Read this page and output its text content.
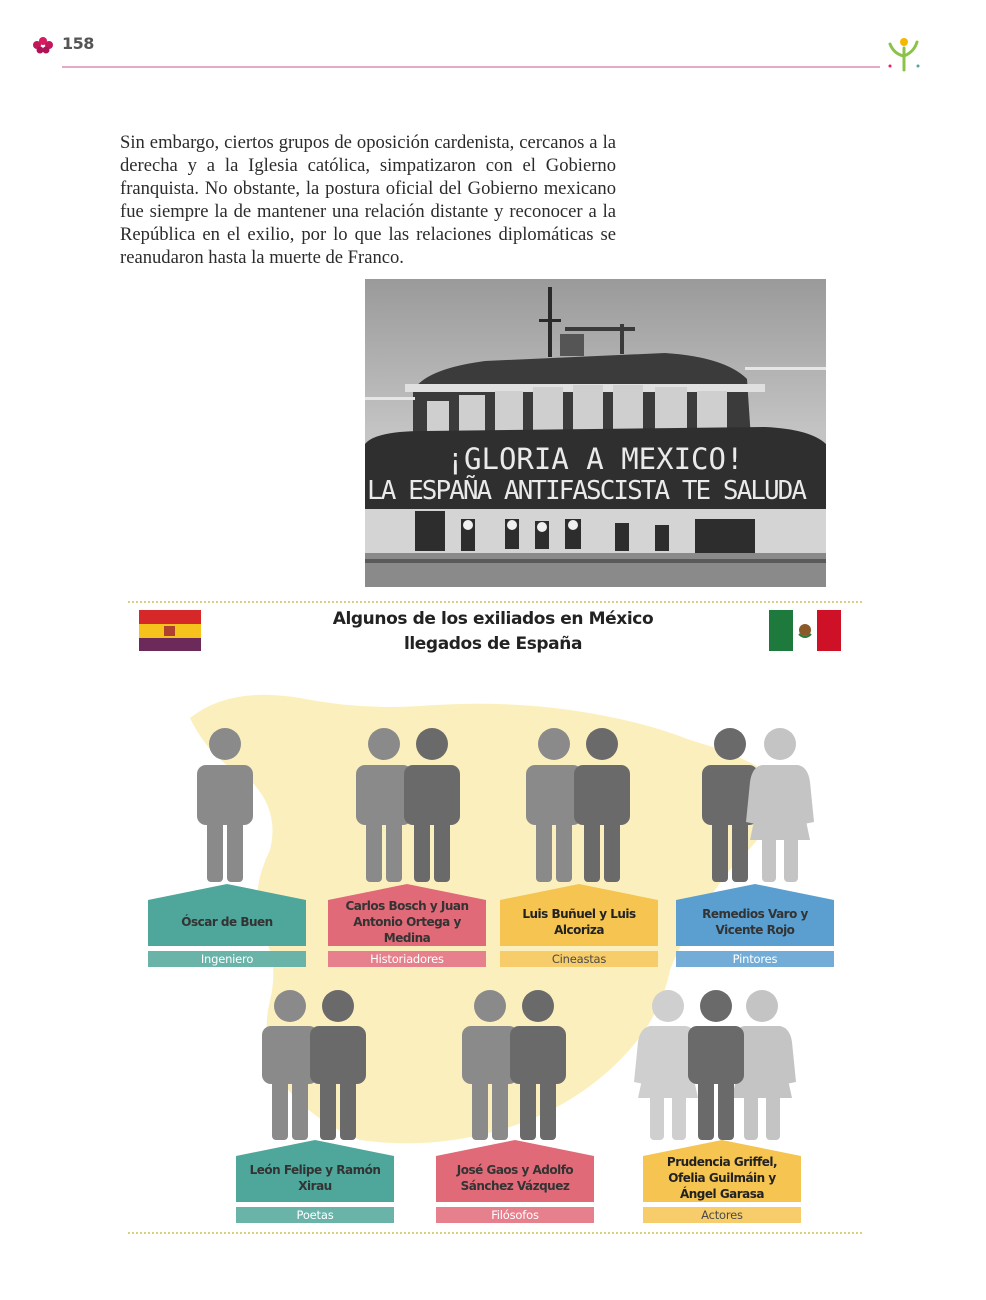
158

Sin embargo, ciertos grupos de oposición cardenista, cercanos a la derecha y a la Iglesia católica, simpatizaron con el Gobierno franquista. No obstante, la postura oficial del Gobierno mexicano fue siempre la de mantener una relación distante y reconocer a la República en el exilio, por lo que las relaciones diplomáticas se reanudaron hasta la muerte de Franco.

¡GLORIA A MEXICO!
LA ESPAÑA ANTIFASCISTA TE SALUDA
Algunos de los exiliados en México
llegados de España
Óscar de Buen
Ingeniero
Carlos Bosch y Juan Antonio Ortega y Medina
Historiadores
Luis Buñuel y Luis Alcoriza
Cineastas
Remedios Varo y Vicente Rojo
Pintores
León Felipe y Ramón Xirau
Poetas
José Gaos y Adolfo Sánchez Vázquez
Filósofos
Prudencia Griffel, Ofelia Guilmáin y Ángel Garasa
Actores
